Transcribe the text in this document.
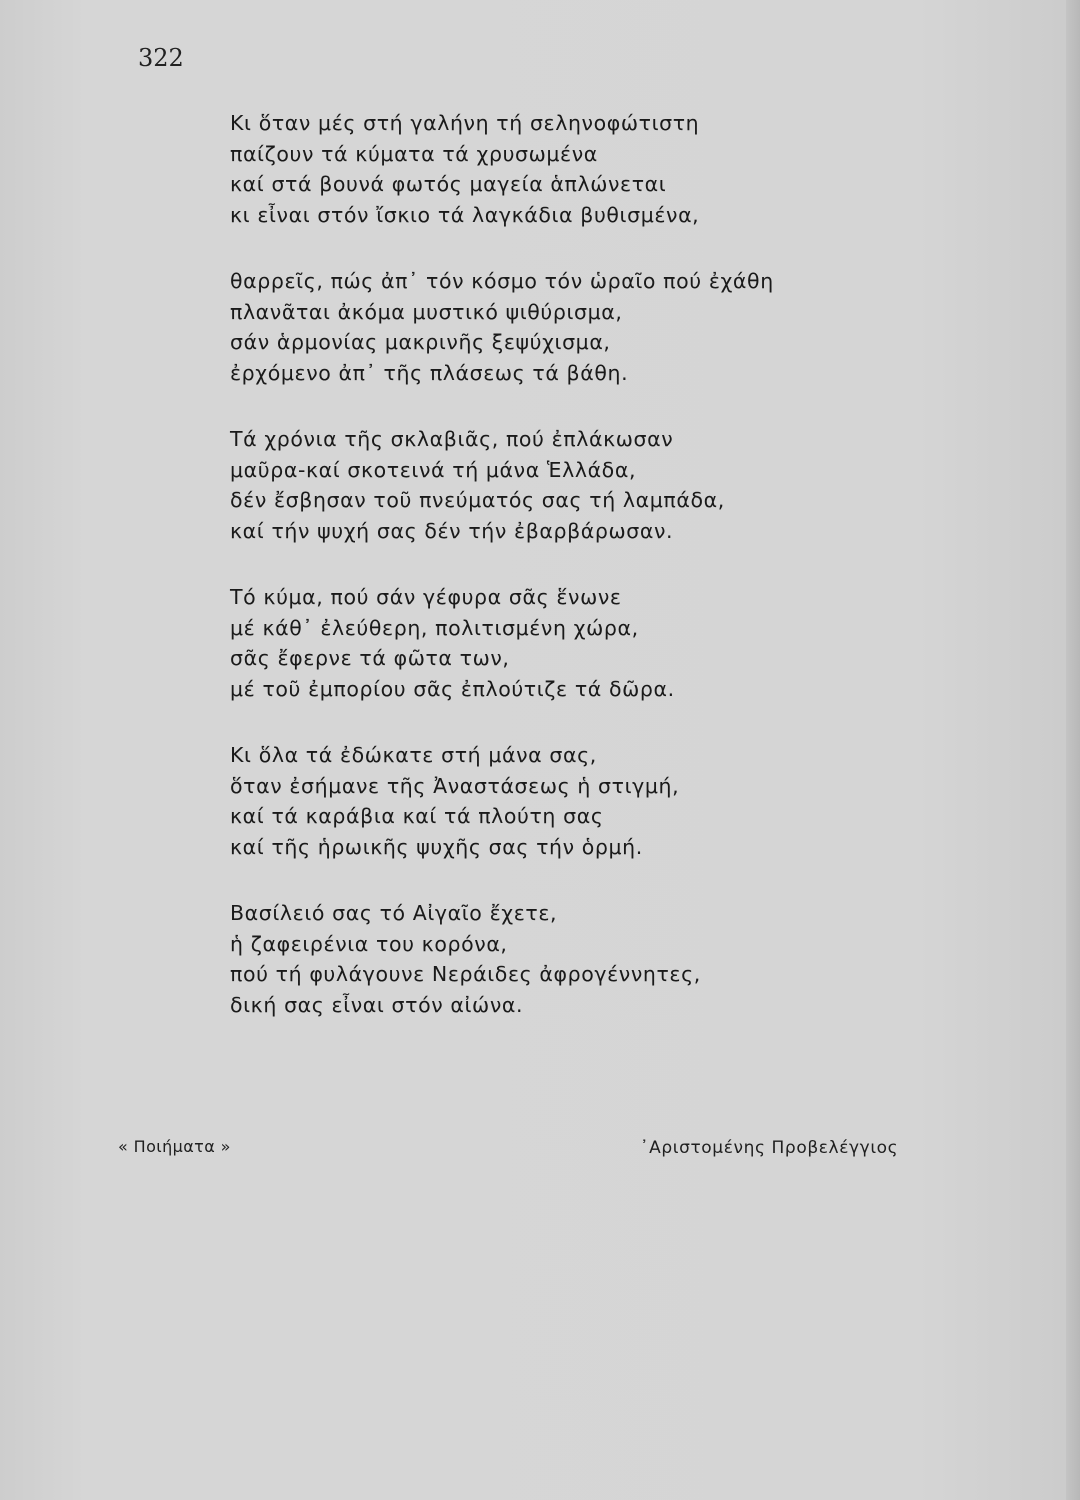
322
Κι ὅταν μές στή γαλήνη τή σεληνοφώτιστη
παίζουν τά κύματα τά χρυσωμένα
καί στά βουνά φωτός μαγεία ἁπλώνεται
κι εἶναι στόν ἴσκιο τά λαγκάδια βυθισμένα,
θαρρεῖς, πώς ἀπ᾽ τόν κόσμο τόν ὡραῖο πού ἐχάθη
πλανᾶται ἀκόμα μυστικό ψιθύρισμα,
σάν ἁρμονίας μακρινῆς ξεψύχισμα,
ἐρχόμενο ἀπ᾽ τῆς πλάσεως τά βάθη.
Τά χρόνια τῆς σκλαβιᾶς, πού ἐπλάκωσαν
μαῦρα-καί σκοτεινά τή μάνα Ἑλλάδα,
δέν ἔσβησαν τοῦ πνεύματός σας τή λαμπάδα,
καί τήν ψυχή σας δέν τήν ἐβαρβάρωσαν.
Τό κύμα, πού σάν γέφυρα σᾶς ἕνωνε
μέ κάθ᾽ ἐλεύθερη, πολιτισμένη χώρα,
σᾶς ἔφερνε τά φῶτα των,
μέ τοῦ ἐμπορίου σᾶς ἐπλούτιζε τά δῶρα.
Κι ὅλα τά ἐδώκατε στή μάνα σας,
ὅταν ἐσήμανε τῆς Ἀναστάσεως ἡ στιγμή,
καί τά καράβια καί τά πλούτη σας
καί τῆς ἡρωικῆς ψυχῆς σας τήν ὁρμή.
Βασίλειό σας τό Αἰγαῖο ἔχετε,
ἡ ζαφειρένια του κορόνα,
πού τή φυλάγουνε Νεράιδες ἀφρογέννητες,
δική σας εἶναι στόν αἰώνα.
« Ποιήματα »	᾽Αριστομένης Προβελέγγιος
